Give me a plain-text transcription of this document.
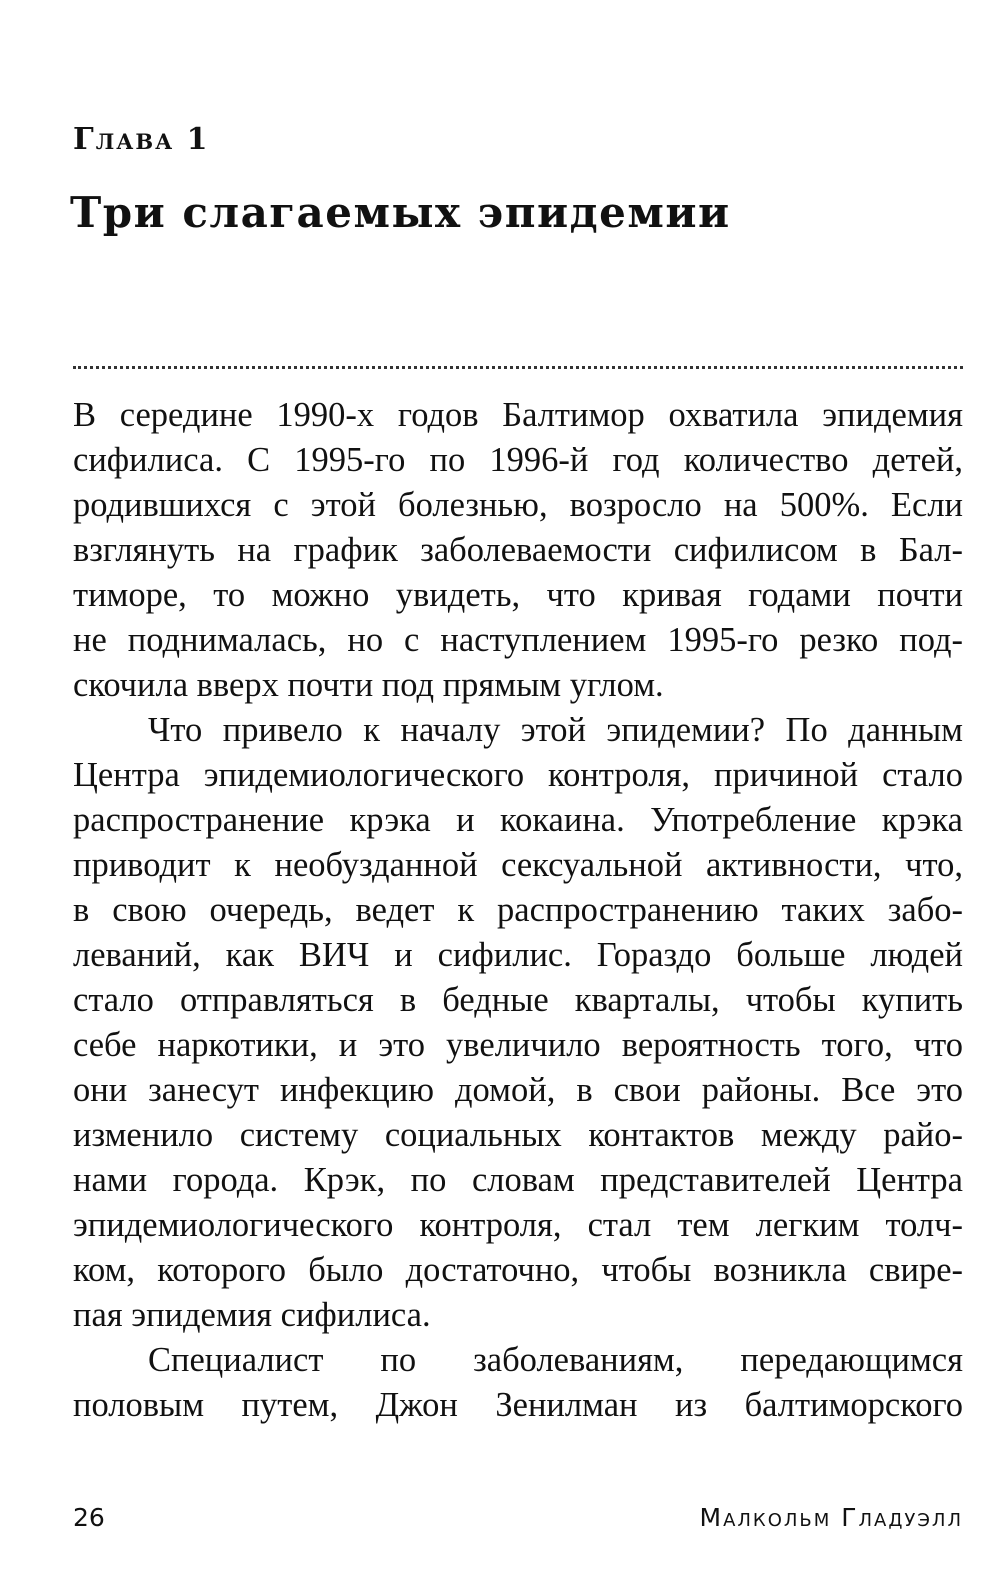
Глава 1
Три слагаемых эпидемии
В середине 1990-х годов Балтимор охватила эпидемия
сифилиса. С 1995-го по 1996-й год количество детей,
родившихся с этой болезнью, возросло на 500%. Если
взглянуть на график заболеваемости сифилисом в Бал-
тиморе, то можно увидеть, что кривая годами почти
не поднималась, но с наступлением 1995-го резко под-
скочила вверх почти под прямым углом.
Что привело к началу этой эпидемии? По данным
Центра эпидемиологического контроля, причиной стало
распространение крэка и кокаина. Употребление крэка
приводит к необузданной сексуальной активности, что,
в свою очередь, ведет к распространению таких забо-
леваний, как ВИЧ и сифилис. Гораздо больше людей
стало отправляться в бедные кварталы, чтобы купить
себе наркотики, и это увеличило вероятность того, что
они занесут инфекцию домой, в свои районы. Все это
изменило систему социальных контактов между райо-
нами города. Крэк, по словам представителей Центра
эпидемиологического контроля, стал тем легким толч-
ком, которого было достаточно, чтобы возникла свире-
пая эпидемия сифилиса.
Специалист по заболеваниям, передающимся
половым путем, Джон Зенилман из балтиморского
26	Малкольм Гладуэлл
